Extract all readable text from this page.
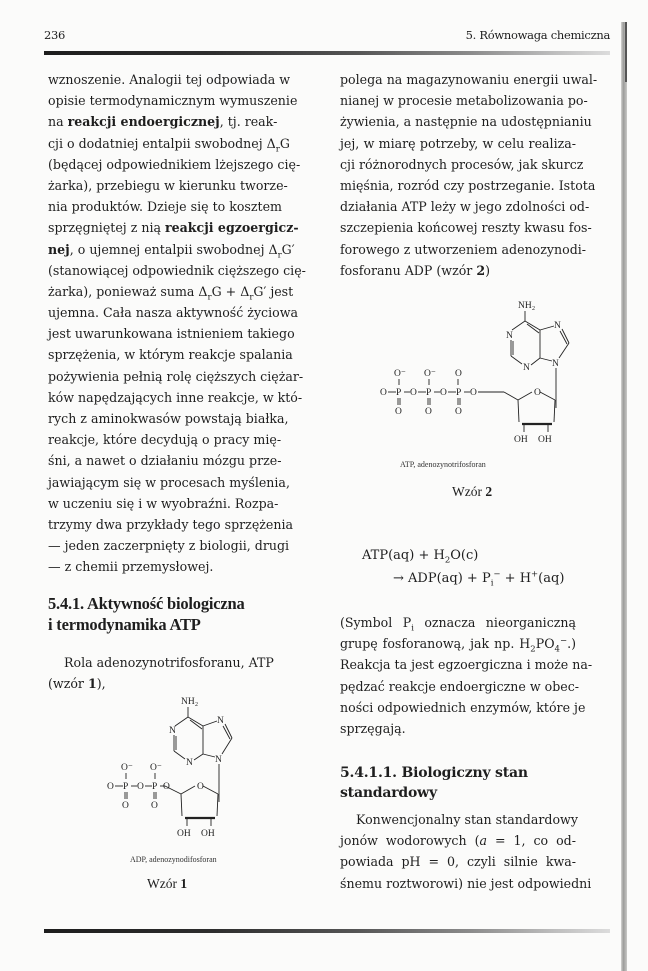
236	5. Równowaga chemiczna
wznoszenie. Analogii tej odpowiada w
opisie termodynamicznym wymuszenie
na reakcji endoergicznej, tj. reak-
cji o dodatniej entalpii swobodnej $\Delta_rG$
(będącej odpowiednikiem lżejszego cię-
żarka), przebiegu w kierunku tworze-
nia produktów. Dzieje się to kosztem
sprzęgniętej z nią reakcji egzoergicz-
nej, o ujemnej entalpii swobodnej $\Delta_rG'$
(stanowiącej odpowiednik cięższego cię-
żarka), ponieważ suma $\Delta_rG + \Delta_rG'$ jest
ujemna. Cała nasza aktywność życiowa
jest uwarunkowana istnieniem takiego
sprzężenia, w którym reakcje spalania
pożywienia pełnią rolę cięższych ciężar-
ków napędzających inne reakcje, w któ-
rych z aminokwasów powstają białka,
reakcje, które decydują o pracy mię-
śni, a nawet o działaniu mózgu prze-
jawiającym się w procesach myślenia,
w uczeniu się i w wyobraźni. Rozpa-
trzymy dwa przykłady tego sprzężenia
— jeden zaczerpnięty z biologii, drugi
— z chemii przemysłowej.
5.4.1. Aktywność biologiczna
i termodynamika ATP
Rola adenozynotrifosforanu, ATP
(wzór 1),
NH 2
N
N
N
N
O
OH OH
O P O P O
O⁻ O⁻
O O
ADP, adenozynodifosforan
Wzór 1
polega na magazynowaniu energii uwal-
nianej w procesie metabolizowania po-
żywienia, a następnie na udostępnianiu
jej, w miarę potrzeby, w celu realiza-
cji różnorodnych procesów, jak skurcz
mięśnia, rozród czy postrzeganie. Istota
działania ATP leży w jego zdolności od-
szczepienia końcowej reszty kwasu fos-
forowego z utworzeniem adenozynodi-
fosforanu ADP (wzór 2)
NH 2
N
N
N
N
O
OH OH
O P O P O P O
O⁻ O⁻ O
O O O
ATP, adenozynotrifosforan
Wzór 2
$ATP(aq) + H_2O(c)$
→ $ADP(aq) + P_i^- + H^+(aq)$
(Symbol $P_i$ oznacza nieorganiczną
grupę fosforanową, jak np. $H_2PO_4^-$.)
Reakcja ta jest egzoergiczna i może na-
pędzać reakcje endoergiczne w obec-
ności odpowiednich enzymów, które je
sprzęgają.
5.4.1.1. Biologiczny stan
standardowy
Konwencjonalny stan standardowy
jonów wodorowych (a = 1, co od-
powiada pH = 0, czyli silnie kwa-
śnemu roztworowi) nie jest odpowiedni
